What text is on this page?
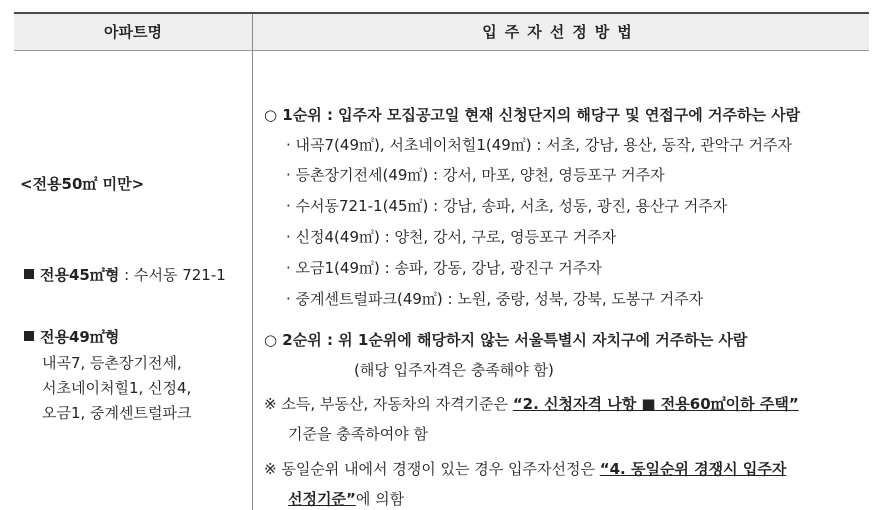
아파트명	입주자선정방법
<전용50㎡ 미만>
전용45㎡형 : 수서동 721-1
전용49㎡형
내곡7, 등촌장기전세,
서초네이처힐1, 신정4,
오금1, 중계센트럴파크
○ 1순위 : 입주자 모집공고일 현재 신청단지의 해당구 및 연접구에 거주하는 사람
· 내곡7(49㎡), 서초네이처힐1(49㎡) : 서초, 강남, 용산, 동작, 관악구 거주자
· 등촌장기전세(49㎡) : 강서, 마포, 양천, 영등포구 거주자
· 수서동721-1(45㎡) : 강남, 송파, 서초, 성동, 광진, 용산구 거주자
· 신정4(49㎡) : 양천, 강서, 구로, 영등포구 거주자
· 오금1(49㎡) : 송파, 강동, 강남, 광진구 거주자
· 중계센트럴파크(49㎡) : 노원, 중랑, 성북, 강북, 도봉구 거주자
○ 2순위 : 위 1순위에 해당하지 않는 서울특별시 자치구에 거주하는 사람
(해당 입주자격은 충족해야 함)
※ 소득, 부동산, 자동차의 자격기준은 “2. 신청자격 나항 ■ 전용60㎡이하 주택”
기준을 충족하여야 함
※ 동일순위 내에서 경쟁이 있는 경우 입주자선정은 “4. 동일순위 경쟁시 입주자
선정기준”에 의함
